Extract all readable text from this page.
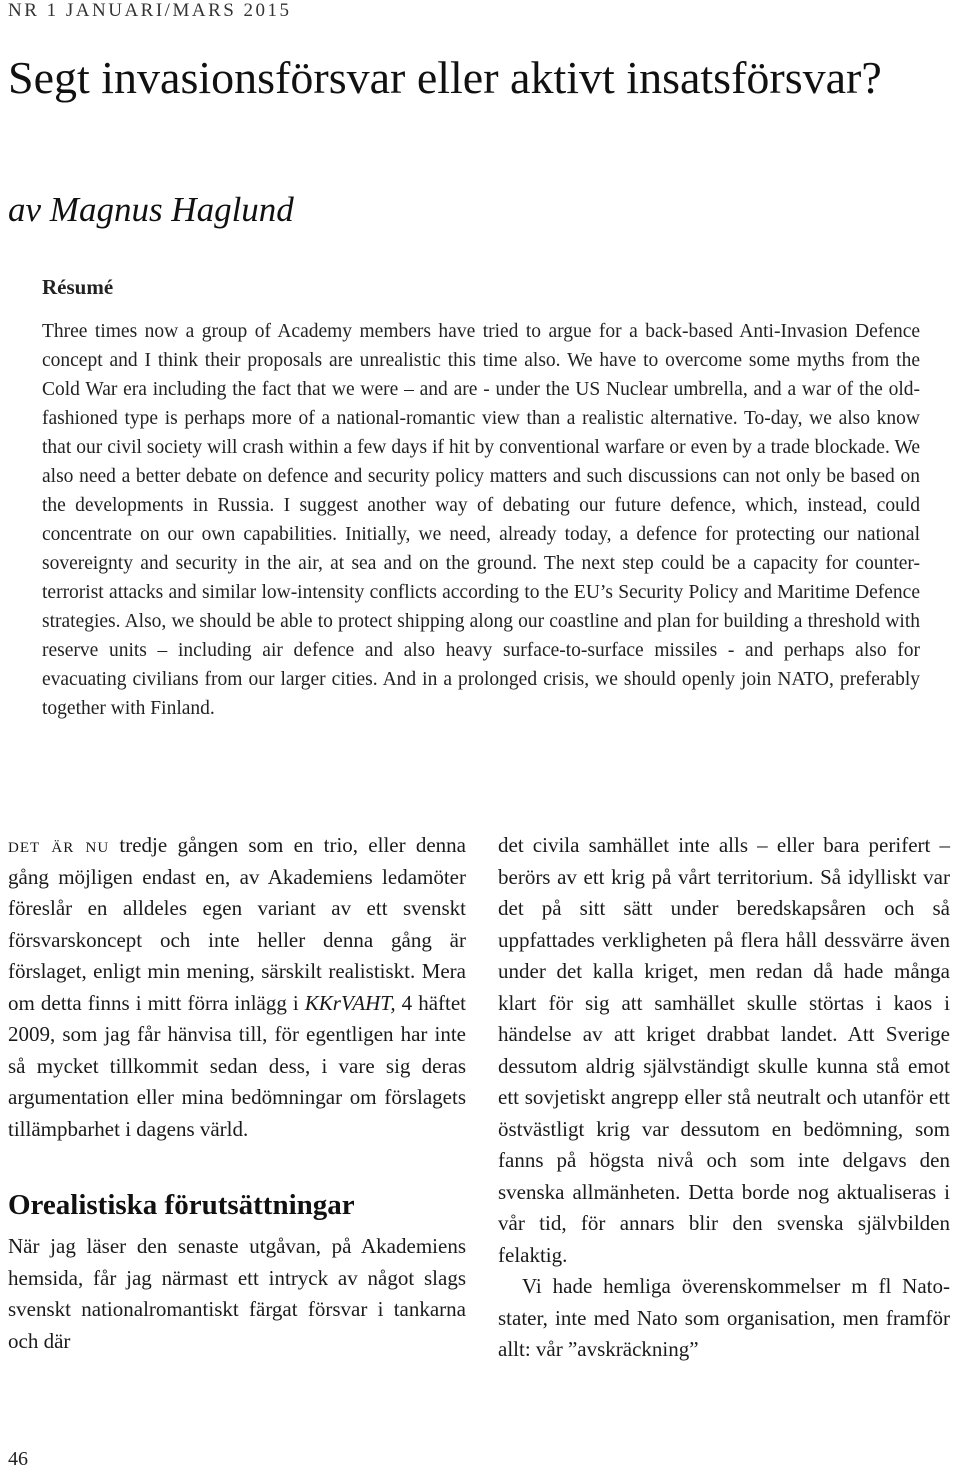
NR 1 JANUARI/MARS 2015
Segt invasionsförsvar eller aktivt insatsförsvar?
av Magnus Haglund
Résumé

Three times now a group of Academy members have tried to argue for a back-based Anti-Invasion Defence concept and I think their proposals are unrealistic this time also. We have to overcome some myths from the Cold War era including the fact that we were – and are - under the US Nuclear umbrella, and a war of the old-fashioned type is perhaps more of a national-romantic view than a realistic alternative. To-day, we also know that our civil society will crash within a few days if hit by conventional warfare or even by a trade blockade. We also need a better debate on defence and security policy matters and such discussions can not only be based on the developments in Russia. I suggest another way of debating our future defence, which, instead, could concentrate on our own capabilities. Initially, we need, already today, a defence for protecting our national sovereignty and security in the air, at sea and on the ground. The next step could be a capacity for counter-terrorist attacks and similar low-intensity conflicts according to the EU’s Security Policy and Maritime Defence strategies. Also, we should be able to protect shipping along our coastline and plan for building a threshold with reserve units – including air defence and also heavy surface-to-surface missiles - and perhaps also for evacuating civilians from our larger cities. And in a prolonged crisis, we should openly join NATO, preferably together with Finland.

det är nu tredje gången som en trio, eller denna gång möjligen endast en, av Akademiens ledamöter föreslår en alldeles egen variant av ett svenskt försvarskoncept och inte heller denna gång är förslaget, enligt min mening, särskilt realistiskt. Mera om detta finns i mitt förra inlägg i KKrVAHT, 4 häftet 2009, som jag får hänvisa till, för egentligen har inte så mycket tillkommit sedan dess, i vare sig deras argumentation eller mina bedömningar om förslagets tillämpbarhet i dagens värld.

Orealistiska förutsättningar

När jag läser den senaste utgåvan, på Akademiens hemsida, får jag närmast ett intryck av något slags svenskt nationalromantiskt färgat försvar i tankarna och där

det civila samhället inte alls – eller bara perifert – berörs av ett krig på vårt territorium. Så idylliskt var det på sitt sätt under beredskapsåren och så uppfattades verkligheten på flera håll dessvärre även under det kalla kriget, men redan då hade många klart för sig att samhället skulle störtas i kaos i händelse av att kriget drabbat landet. Att Sverige dessutom aldrig självständigt skulle kunna stå emot ett sovjetiskt angrepp eller stå neutralt och utanför ett östvästligt krig var dessutom en bedömning, som fanns på högsta nivå och som inte delgavs den svenska allmänheten. Detta borde nog aktualiseras i vår tid, för annars blir den svenska självbilden felaktig.

Vi hade hemliga överenskommelser m fl Nato-stater, inte med Nato som organisation, men framför allt: vår ”avskräckning”

46
